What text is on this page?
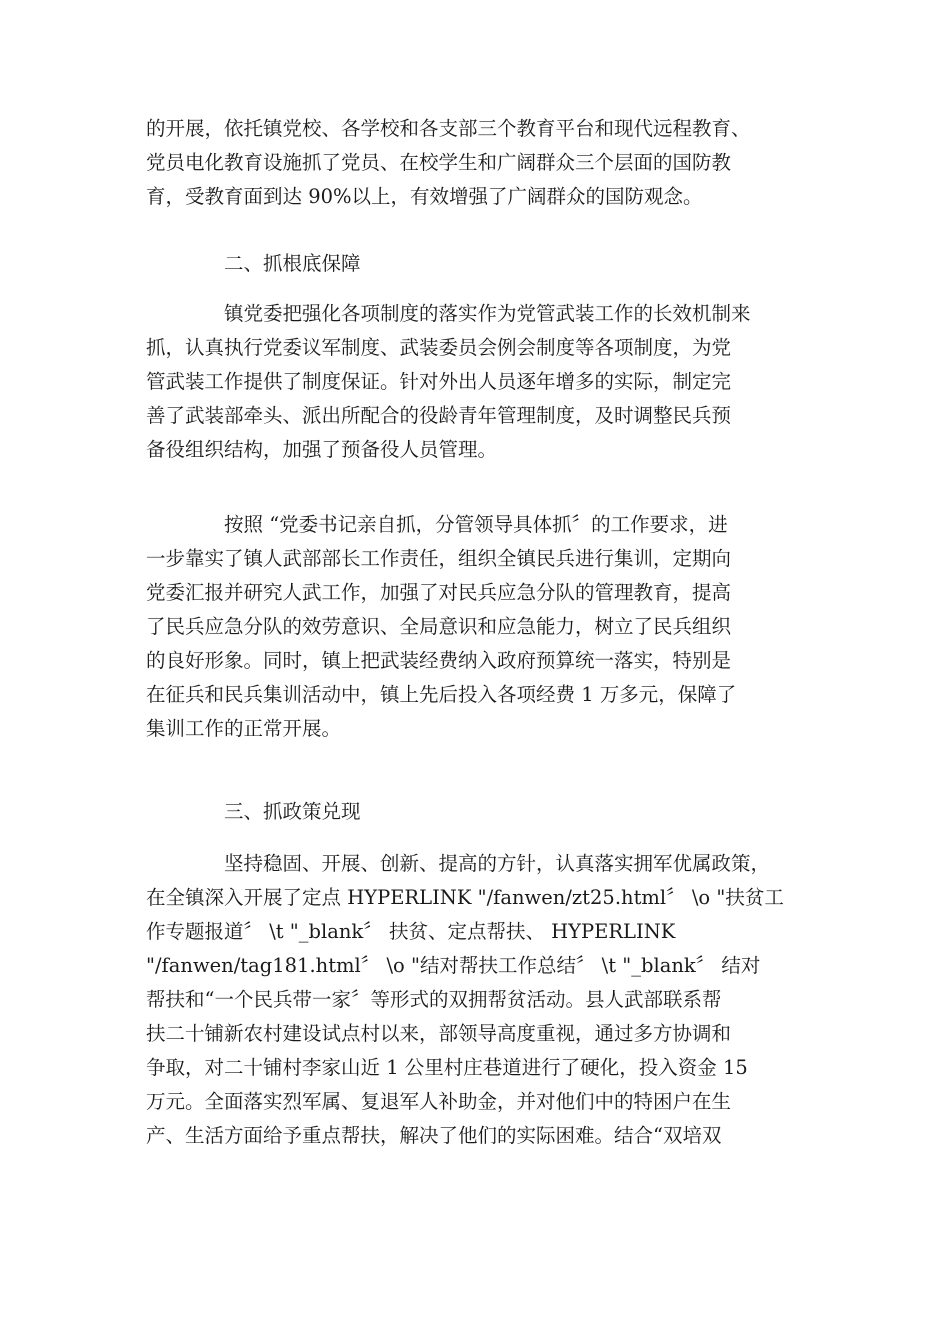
的开展，依托镇党校、各学校和各支部三个教育平台和现代远程教育、
党员电化教育设施抓了党员、在校学生和广阔群众三个层面的国防教
育，受教育面到达 90%以上，有效增强了广阔群众的国防观念。
二、抓根底保障
镇党委把强化各项制度的落实作为党管武装工作的长效机制来
抓，认真执行党委议军制度、武装委员会例会制度等各项制度，为党
管武装工作提供了制度保证。针对外出人员逐年增多的实际，制定完
善了武装部牵头、派出所配合的役龄青年管理制度，及时调整民兵预
备役组织结构，加强了预备役人员管理。
按照 “党委书记亲自抓，分管领导具体抓〞的工作要求，进
一步靠实了镇人武部部长工作责任，组织全镇民兵进行集训，定期向
党委汇报并研究人武工作，加强了对民兵应急分队的管理教育，提高
了民兵应急分队的效劳意识、全局意识和应急能力，树立了民兵组织
的良好形象。同时，镇上把武装经费纳入政府预算统一落实，特别是
在征兵和民兵集训活动中，镇上先后投入各项经费 1 万多元，保障了
集训工作的正常开展。
三、抓政策兑现
坚持稳固、开展、创新、提高的方针，认真落实拥军优属政策，
在全镇深入开展了定点 HYPERLINK "/fanwen/zt25.html〞 \o "扶贫工
作专题报道〞 \t "_blank〞 扶贫、定点帮扶、 HYPERLINK
"/fanwen/tag181.html〞 \o "结对帮扶工作总结〞 \t "_blank〞 结对
帮扶和“一个民兵带一家〞等形式的双拥帮贫活动。县人武部联系帮
扶二十铺新农村建设试点村以来，部领导高度重视，通过多方协调和
争取，对二十铺村李家山近 1 公里村庄巷道进行了硬化，投入资金 15
万元。全面落实烈军属、复退军人补助金，并对他们中的特困户在生
产、生活方面给予重点帮扶，解决了他们的实际困难。结合“双培双
